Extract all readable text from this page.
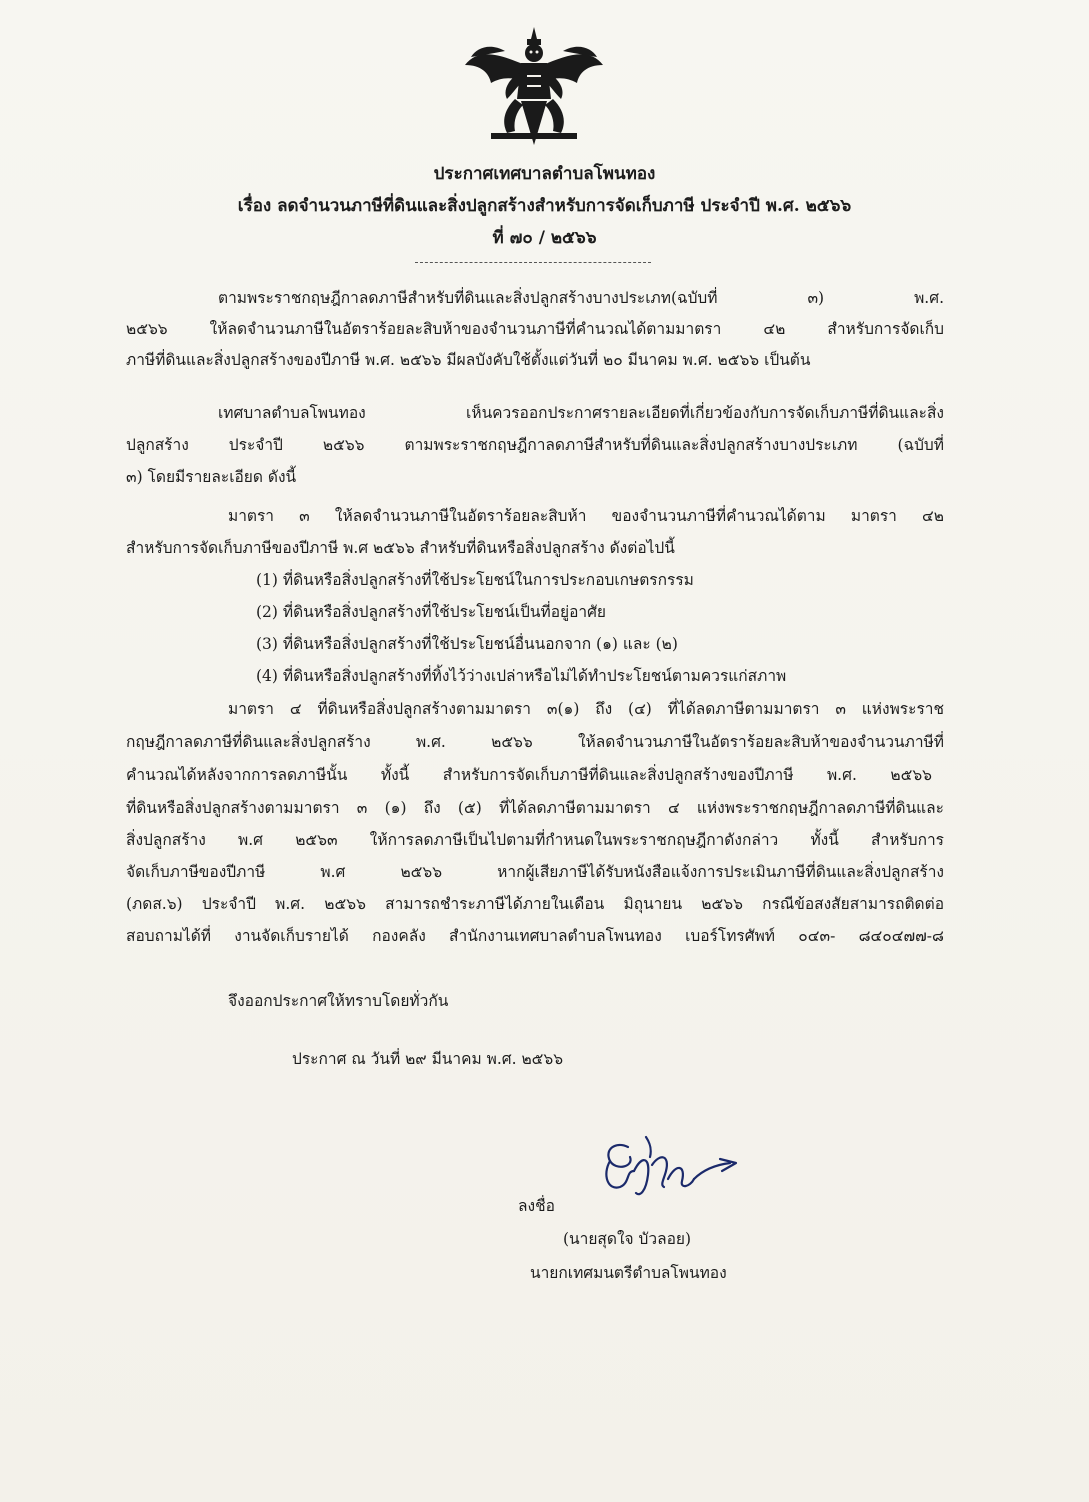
ประกาศเทศบาลตำบลโพนทอง
เรื่อง ลดจำนวนภาษีที่ดินและสิ่งปลูกสร้างสำหรับการจัดเก็บภาษี ประจำปี พ.ศ. ๒๕๖๖
ที่ ๗๐ / ๒๕๖๖
ตามพระราชกฤษฎีกาลดภาษีสำหรับที่ดินและสิ่งปลูกสร้างบางประเภท(ฉบับที่ ๓) พ.ศ.
๒๕๖๖ ให้ลดจำนวนภาษีในอัตราร้อยละสิบห้าของจำนวนภาษีที่คำนวณได้ตามมาตรา ๔๒ สำหรับการจัดเก็บ
ภาษีที่ดินและสิ่งปลูกสร้างของปีภาษี พ.ศ. ๒๕๖๖ มีผลบังคับใช้ตั้งแต่วันที่ ๒๐ มีนาคม พ.ศ. ๒๕๖๖ เป็นต้น
เทศบาลตำบลโพนทอง เห็นควรออกประกาศรายละเอียดที่เกี่ยวข้องกับการจัดเก็บภาษีที่ดินและสิ่ง
ปลูกสร้าง ประจำปี ๒๕๖๖ ตามพระราชกฤษฎีกาลดภาษีสำหรับที่ดินและสิ่งปลูกสร้างบางประเภท (ฉบับที่
๓) โดยมีรายละเอียด ดังนี้
มาตรา ๓ ให้ลดจำนวนภาษีในอัตราร้อยละสิบห้า ของจำนวนภาษีที่คำนวณได้ตาม มาตรา ๔๒
สำหรับการจัดเก็บภาษีของปีภาษี พ.ศ ๒๕๖๖ สำหรับที่ดินหรือสิ่งปลูกสร้าง ดังต่อไปนี้
(1) ที่ดินหรือสิ่งปลูกสร้างที่ใช้ประโยชน์ในการประกอบเกษตรกรรม
(2) ที่ดินหรือสิ่งปลูกสร้างที่ใช้ประโยชน์เป็นที่อยู่อาศัย
(3) ที่ดินหรือสิ่งปลูกสร้างที่ใช้ประโยชน์อื่นนอกจาก (๑) และ (๒)
(4) ที่ดินหรือสิ่งปลูกสร้างที่ทิ้งไว้ว่างเปล่าหรือไม่ได้ทำประโยชน์ตามควรแก่สภาพ
มาตรา ๔ ที่ดินหรือสิ่งปลูกสร้างตามมาตรา ๓(๑) ถึง (๔) ที่ได้ลดภาษีตามมาตรา ๓ แห่งพระราช
กฤษฎีกาลดภาษีที่ดินและสิ่งปลูกสร้าง พ.ศ. ๒๕๖๖ ให้ลดจำนวนภาษีในอัตราร้อยละสิบห้าของจำนวนภาษีที่
คำนวณได้หลังจากการลดภาษีนั้น ทั้งนี้ สำหรับการจัดเก็บภาษีที่ดินและสิ่งปลูกสร้างของปีภาษี พ.ศ. ๒๕๖๖
ที่ดินหรือสิ่งปลูกสร้างตามมาตรา ๓ (๑) ถึง (๕) ที่ได้ลดภาษีตามมาตรา ๔ แห่งพระราชกฤษฎีกาลดภาษีที่ดินและ
สิ่งปลูกสร้าง พ.ศ ๒๕๖๓ ให้การลดภาษีเป็นไปตามที่กำหนดในพระราชกฤษฎีกาดังกล่าว ทั้งนี้ สำหรับการ
จัดเก็บภาษีของปีภาษี พ.ศ ๒๕๖๖ หากผู้เสียภาษีได้รับหนังสือแจ้งการประเมินภาษีที่ดินและสิ่งปลูกสร้าง
(ภดส.๖) ประจำปี พ.ศ. ๒๕๖๖ สามารถชำระภาษีได้ภายในเดือน มิถุนายน ๒๕๖๖ กรณีข้อสงสัยสามารถติดต่อ
สอบถามได้ที่ งานจัดเก็บรายได้ กองคลัง สำนักงานเทศบาลตำบลโพนทอง เบอร์โทรศัพท์ ๐๔๓- ๘๔๐๔๗๗-๘
จึงออกประกาศให้ทราบโดยทั่วกัน
ประกาศ ณ วันที่ ๒๙ มีนาคม พ.ศ. ๒๕๖๖
ลงชื่อ
(นายสุดใจ บัวลอย)
นายกเทศมนตรีตำบลโพนทอง
